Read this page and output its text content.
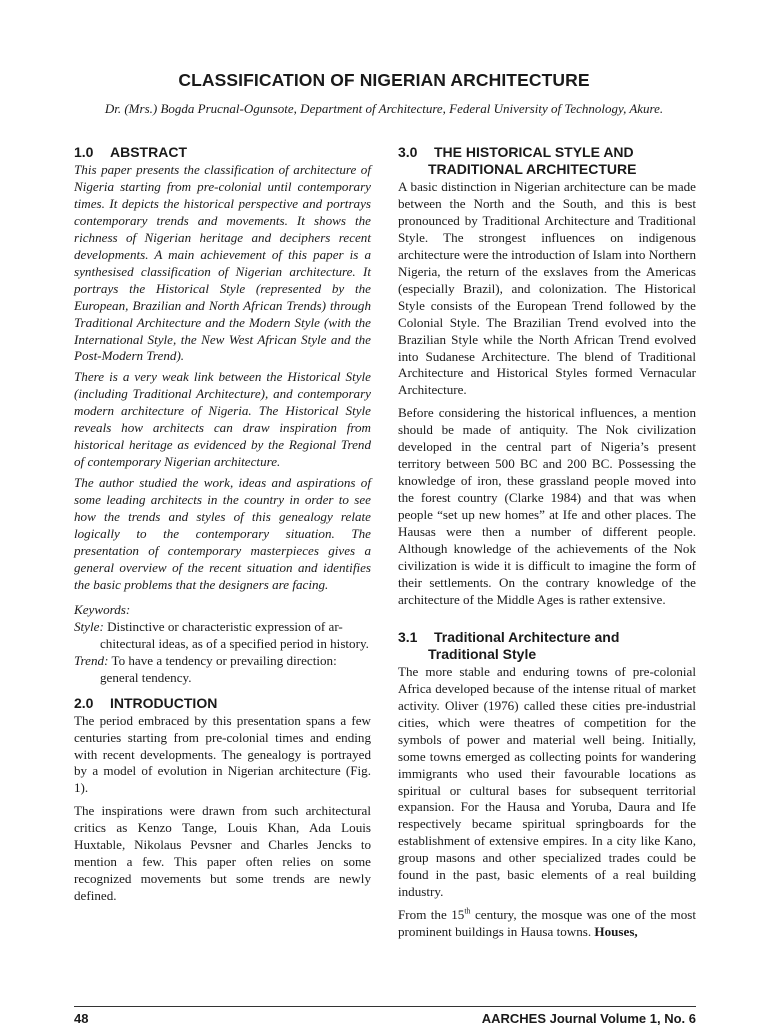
CLASSIFICATION OF NIGERIAN ARCHITECTURE
Dr. (Mrs.) Bogda Prucnal-Ogunsote, Department of Architecture, Federal University of Technology, Akure.
1.0 ABSTRACT

This paper presents the classification of architecture of Nigeria starting from pre-colonial until contemporary times. It depicts the historical perspective and portrays contemporary trends and movements. It shows the richness of Nigerian heritage and deciphers recent developments. A main achievement of this paper is a synthesised classification of Nigerian architecture. It portrays the Historical Style (represented by the European, Brazilian and North African Trends) through Traditional Architecture and the Modern Style (with the International Style, the New West African Style and the Post-Modern Trend).

There is a very weak link between the Historical Style (including Traditional Architecture), and contemporary modern architecture of Nigeria. The Historical Style reveals how architects can draw inspiration from historical heritage as evidenced by the Regional Trend of contemporary Nigerian architecture.

The author studied the work, ideas and aspirations of some leading architects in the country in order to see how the trends and styles of this genealogy relate logically to the contemporary situation. The presentation of contemporary masterpieces gives a general overview of the recent situation and identifies the basic problems that the designers are facing.

Keywords:
Style: Distinctive or characteristic expression of ar-
chitectural ideas, as of a specified period in history.
Trend: To have a tendency or prevailing direction:
general tendency.
2.0 INTRODUCTION

The period embraced by this presentation spans a few centuries starting from pre-colonial times and ending with recent developments. The genealogy is portrayed by a model of evolution in Nigerian architecture (Fig. 1).

The inspirations were drawn from such architectural critics as Kenzo Tange, Louis Khan, Ada Louis Huxtable, Nikolaus Pevsner and Charles Jencks to mention a few. This paper often relies on some recognized movements but some trends are newly defined.

3.0 THE HISTORICAL STYLE AND
TRADITIONAL ARCHITECTURE

A basic distinction in Nigerian architecture can be made between the North and the South, and this is best pronounced by Traditional Architecture and Traditional Style. The strongest influences on indigenous architecture were the introduction of Islam into Northern Nigeria, the return of the exslaves from the Americas (especially Brazil), and colonization. The Historical Style consists of the European Trend followed by the Colonial Style. The Brazilian Trend evolved into the Brazilian Style while the North African Trend evolved into Sudanese Architecture. The blend of Traditional Architecture and Historical Styles formed Vernacular Architecture.

Before considering the historical influences, a mention should be made of antiquity. The Nok civilization developed in the central part of Nigeria’s present territory between 500 BC and 200 BC. Possessing the knowledge of iron, these grassland people moved into the forest country (Clarke 1984) and that was when people “set up new homes” at Ife and other places. The Hausas were then a number of different people. Although knowledge of the achievements of the Nok civilization is wide it is difficult to imagine the form of their settlements. On the contrary knowledge of the architecture of the Middle Ages is rather extensive.

3.1 Traditional Architecture and
Traditional Style

The more stable and enduring towns of pre-colonial Africa developed because of the intense ritual of market activity. Oliver (1976) called these cities pre-industrial cities, which were theatres of competition for the symbols of power and material well being. Initially, some towns emerged as collecting points for wandering immigrants who used their favourable locations as spiritual or cultural bases for subsequent territorial expansion. For the Hausa and Yoruba, Daura and Ife respectively became spiritual springboards for the establishment of extensive empires. In a city like Kano, group masons and other specialized trades could be found in the past, basic elements of a real building industry.

From the 15th century, the mosque was one of the most prominent buildings in Hausa towns. Houses,

48	AARCHES Journal Volume 1, No. 6
